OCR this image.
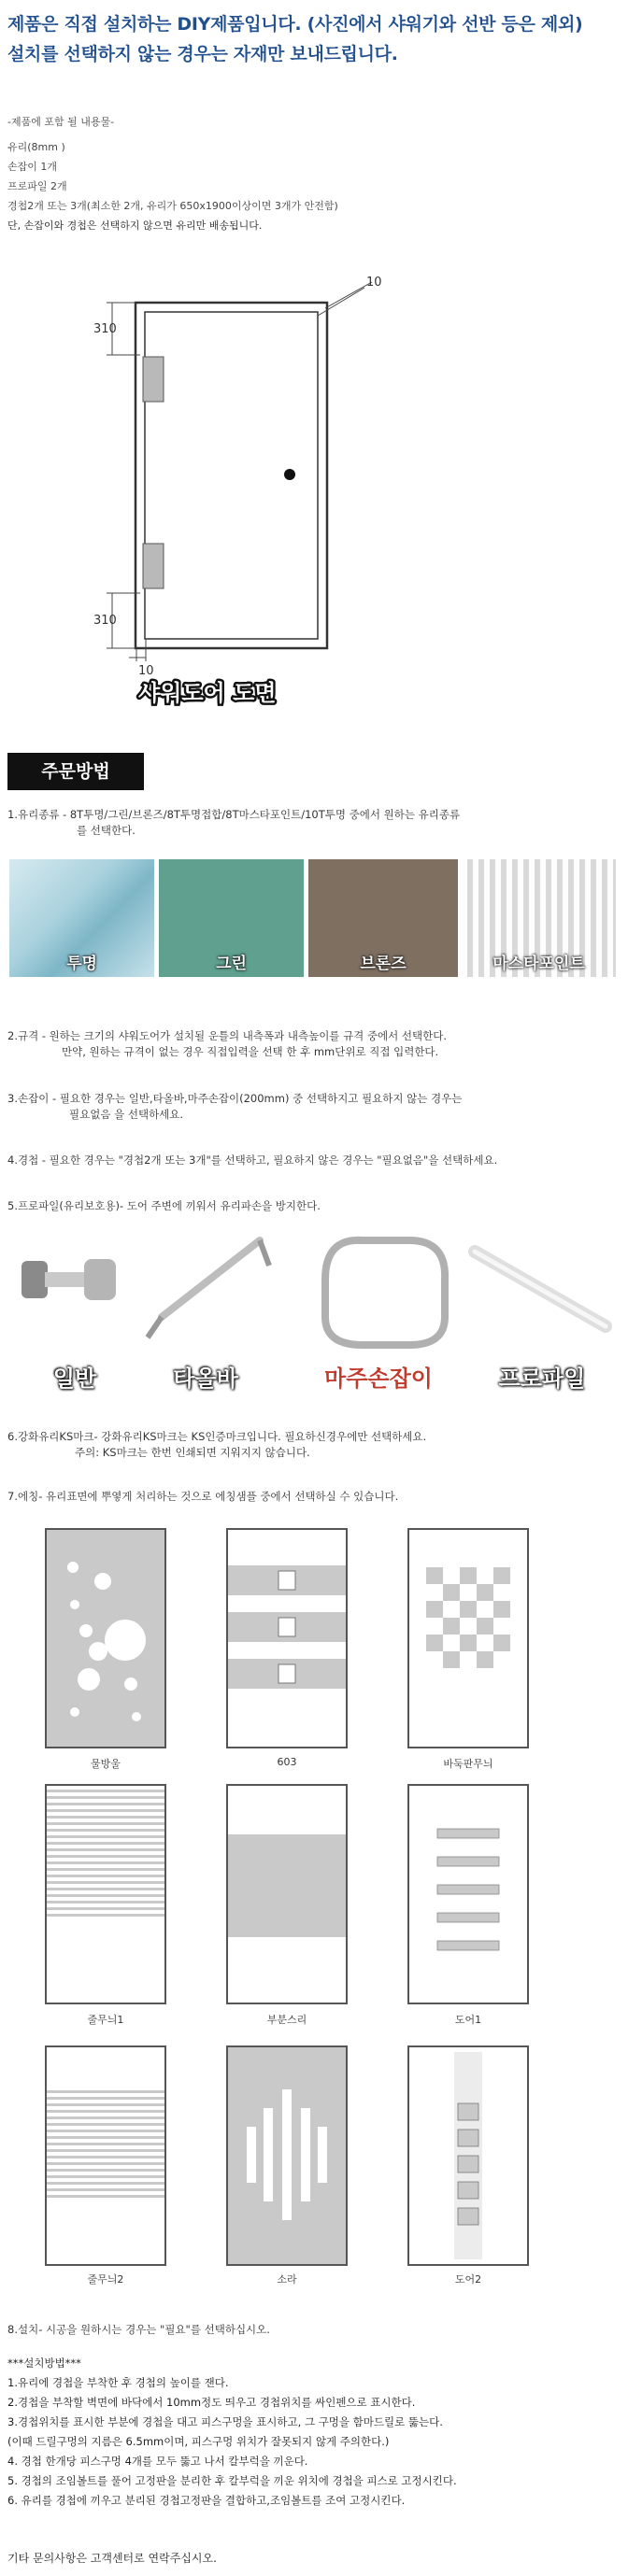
제품은 직접 설치하는 DIY제품입니다. (사진에서 샤워기와 선반 등은 제외)
설치를 선택하지 않는 경우는 자재만 보내드립니다.
-제품에 포함 될 내용물-
유리(8mm )
손잡이 1개
프로파일 2개
경첩2개 또는 3개(최소한 2개, 유리가 650x1900이상이면 3개가 안전함)
단, 손잡이와 경첩은 선택하지 않으면 유리만 배송됩니다.
310
310
10
10
샤워도어 도면
주문방법
1.유리종류 - 8T투명/그린/브론즈/8T투명접합/8T마스타포인트/10T투명 중에서 원하는 유리종류
를 선택한다.
투명	그린	브론즈	마스타포인트
2.규격 - 원하는 크기의 샤워도어가 설치될 운틀의 내측폭과 내측높이를 규격 중에서 선택한다.
만약, 원하는 규격이 없는 경우 직접입력을 선택 한 후 mm단위로 직접 입력한다.
3.손잡이 - 필요한 경우는 일반,타올바,마주손잡이(200mm) 중 선택하지고 필요하지 않는 경우는
필요없음 을 선택하세요.
4.경첩 - 필요한 경우는 "경첩2개 또는 3개"를 선택하고, 필요하지 않은 경우는 "필요없음"을 선택하세요.
5.프로파일(유리보호용)- 도어 주변에 끼워서 유리파손을 방지한다.
일반	타올바	마주손잡이	프로파일
6.강화유리KS마크- 강화유리KS마크는 KS인증마크입니다. 필요하신경우에만 선택하세요.
주의: KS마크는 한번 인쇄되면 지워지지 않습니다.
7.에칭- 유리표면에 뿌옇게 처리하는 것으로 에칭샘플 중에서 선택하실 수 있습니다.
물방울	603	바둑판무늬
줄무늬1	부분스리	도어1
줄무늬2	소라	도어2
8.설치- 시공을 원하시는 경우는 "필요"를 선택하십시오.
***설치방법***
1.유리에 경첩을 부착한 후 경첩의 높이를 잰다.
2.경첩을 부착할 벽면에 바닥에서 10mm정도 띄우고 경첩위치를 싸인펜으로 표시한다.
3.경첩위치를 표시한 부분에 경첩을 대고 피스구멍을 표시하고, 그 구멍을 함마드릴로 뚫는다.
(이때 드릴구멍의 지름은 6.5mm이며, 피스구멍 위치가 잘못되지 않게 주의한다.)
4. 경첩 한개당 피스구멍 4개를 모두 뚫고 나서 칼부럭을 끼운다.
5. 경첩의 조임볼트를 풀어 고정판을 분리한 후 칼부럭을 끼운 위치에 경첩을 피스로 고정시킨다.
6. 유리를 경첩에 끼우고 분리된 경첩고정판을 결합하고,조임볼트를 조여 고정시킨다.
기타 문의사항은 고객센터로 연락주십시오.
